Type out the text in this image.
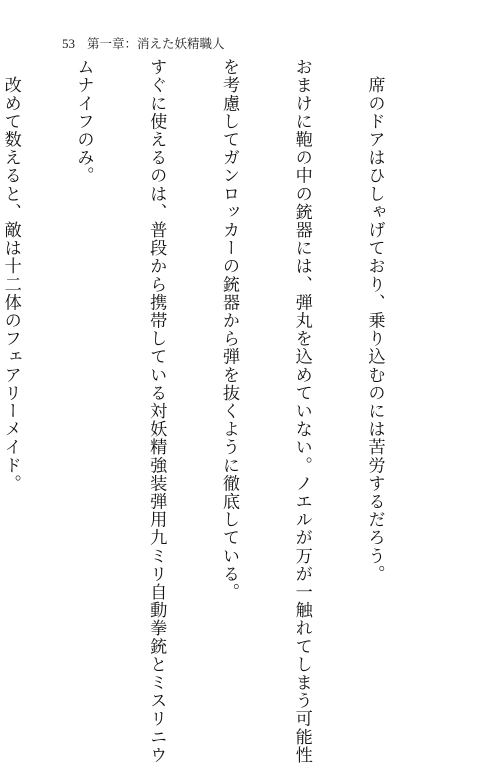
53 第一章：消えた妖精職人

　席のドアはひしゃげており、乗り込むのには苦労するだろう。

おまけに鞄の中の銃器には、弾丸を込めていない。ノエルが万が一触れてしまう可能性

を考慮してガンロッカーの銃器から弾を抜くように徹底している。

すぐに使えるのは、普段から携帯している対妖精強装弾用九ミリ自動拳銃とミスリニウ

ムナイフのみ。

　改めて数えると、敵は十二体のフェアリーメイド。
